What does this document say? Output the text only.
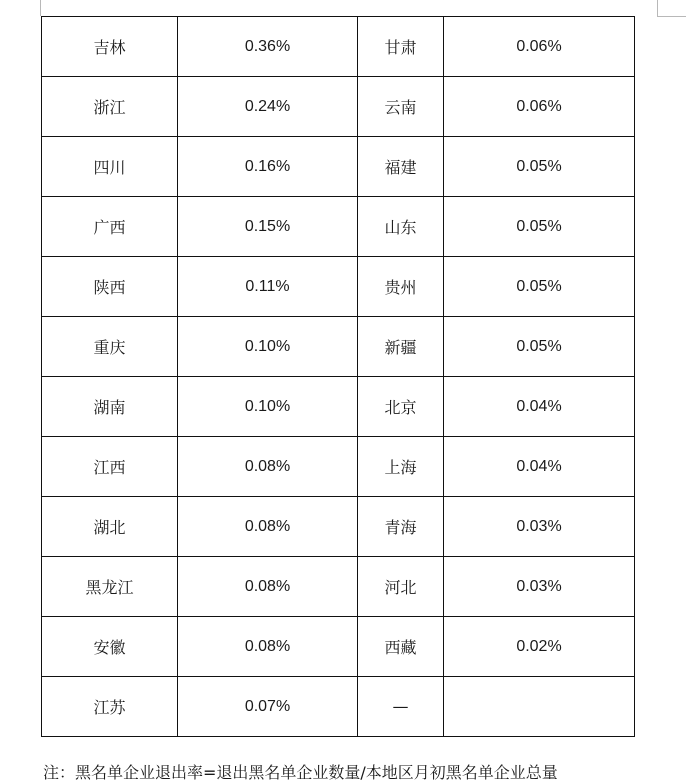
吉林	0.36%	甘肃	0.06%
浙江	0.24%	云南	0.06%
四川	0.16%	福建	0.05%
广西	0.15%	山东	0.05%
陕西	0.11%	贵州	0.05%
重庆	0.10%	新疆	0.05%
湖南	0.10%	北京	0.04%
江西	0.08%	上海	0.04%
湖北	0.08%	青海	0.03%
黑龙江	0.08%	河北	0.03%
安徽	0.08%	西藏	0.02%
江苏	0.07%	—	
注：黑名单企业退出率=退出黑名单企业数量/本地区月初黑名单企业总量
